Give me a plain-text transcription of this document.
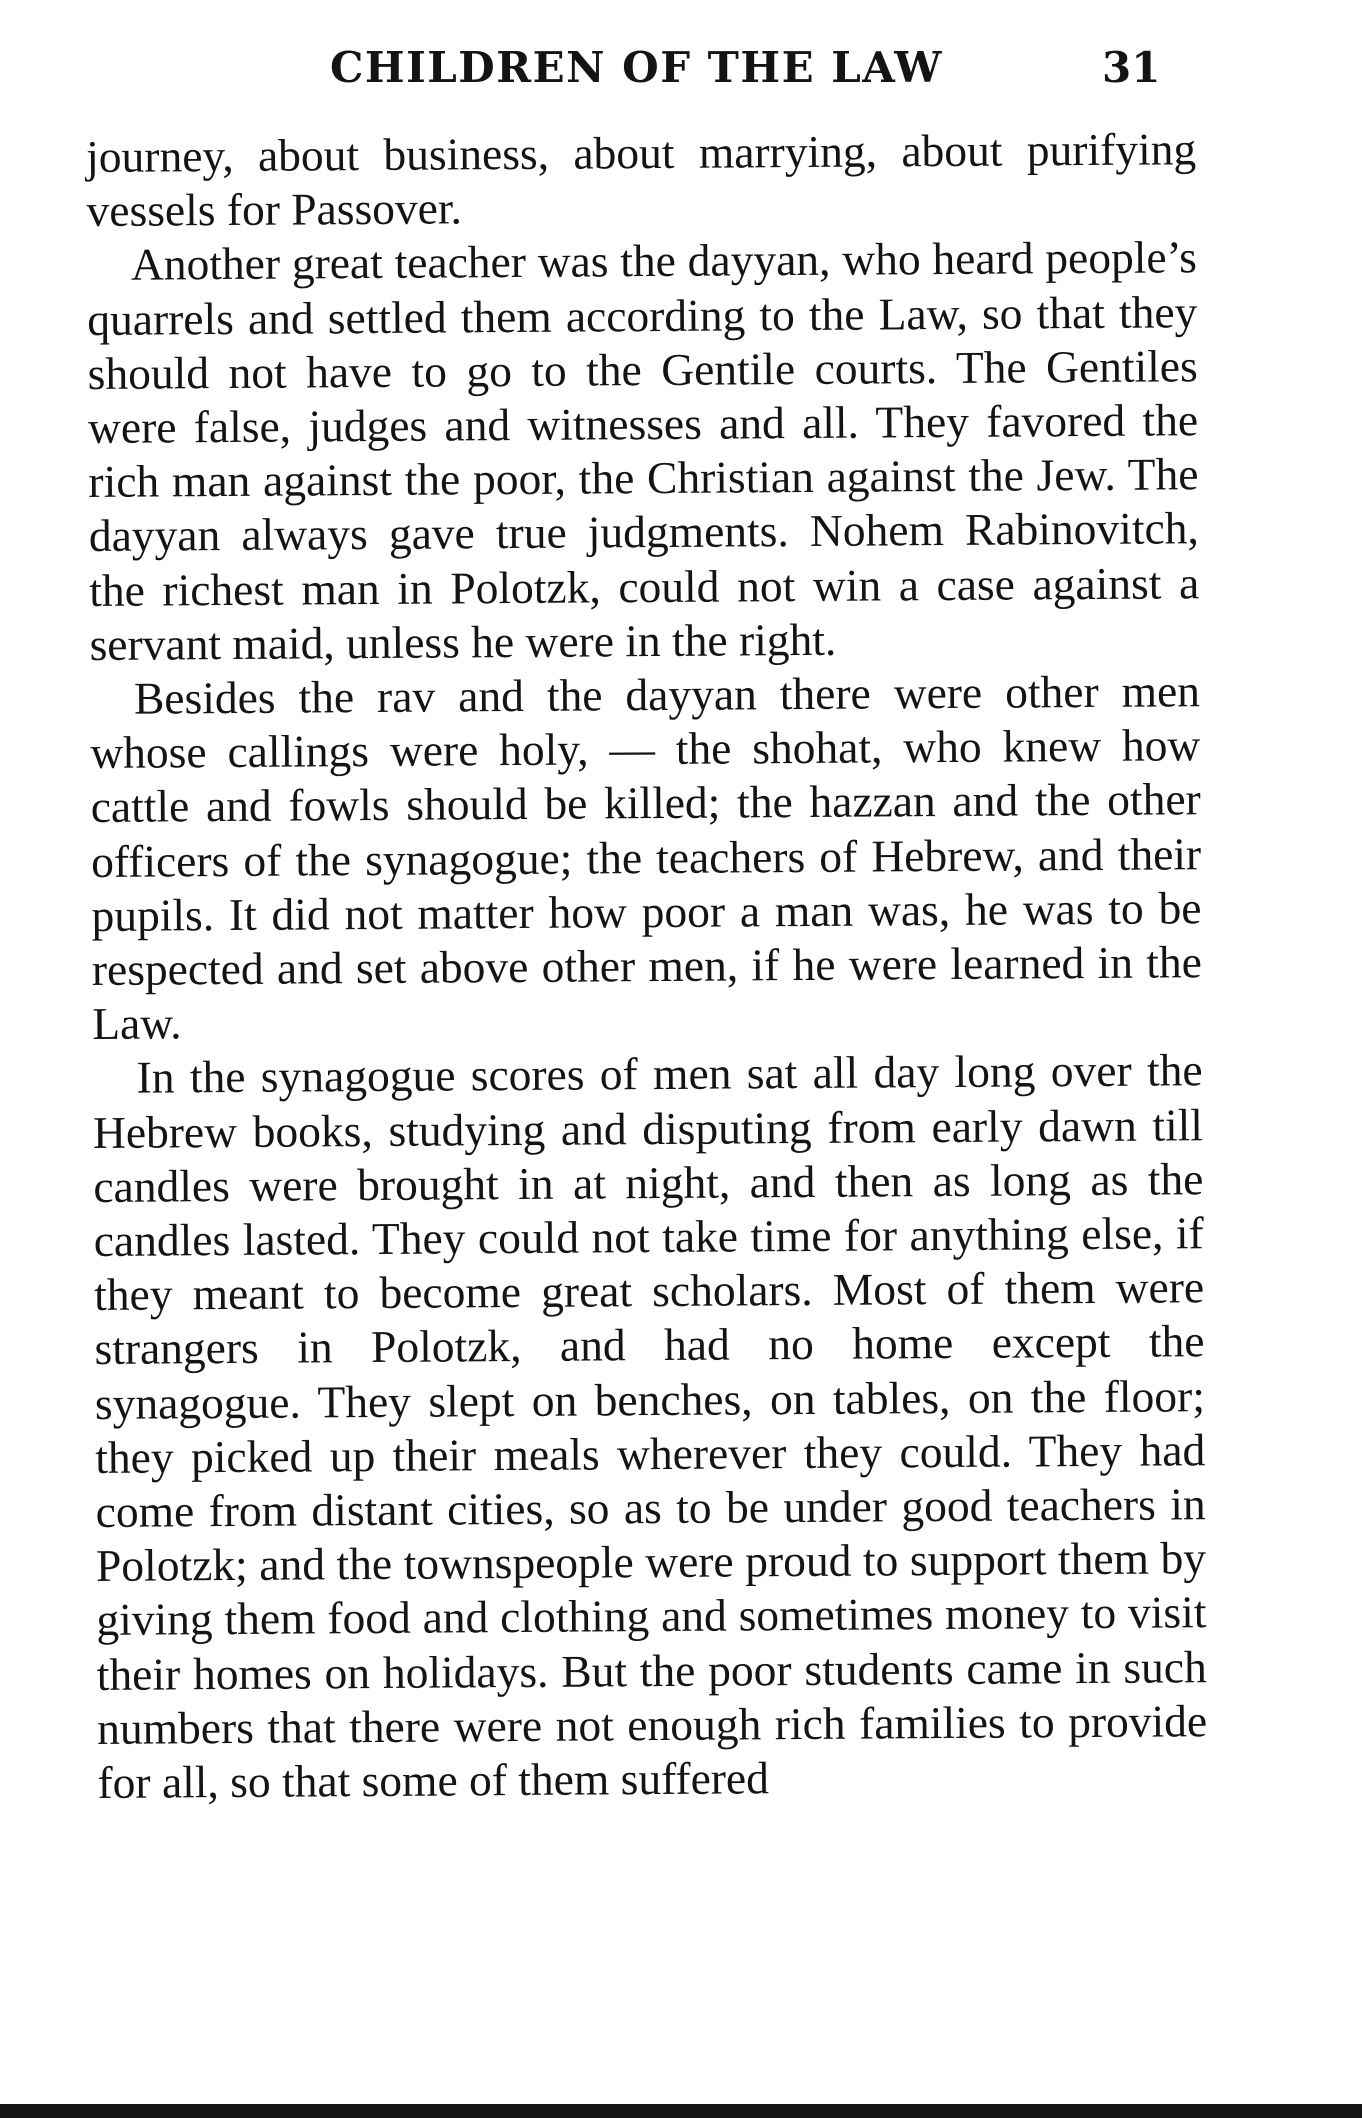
CHILDREN OF THE LAW	31

journey, about business, about marrying, about purifying vessels for Passover.

Another great teacher was the dayyan, who heard people’s quarrels and settled them according to the Law, so that they should not have to go to the Gentile courts. The Gentiles were false, judges and witnesses and all. They favored the rich man against the poor, the Christian against the Jew. The dayyan always gave true judgments. Nohem Rabinovitch, the richest man in Polotzk, could not win a case against a servant maid, unless he were in the right.

Besides the rav and the dayyan there were other men whose callings were holy, — the shohat, who knew how cattle and fowls should be killed; the hazzan and the other officers of the synagogue; the teachers of Hebrew, and their pupils. It did not matter how poor a man was, he was to be respected and set above other men, if he were learned in the Law.

In the synagogue scores of men sat all day long over the Hebrew books, studying and disputing from early dawn till candles were brought in at night, and then as long as the candles lasted. They could not take time for anything else, if they meant to become great scholars. Most of them were strangers in Polotzk, and had no home except the synagogue. They slept on benches, on tables, on the floor; they picked up their meals wherever they could. They had come from distant cities, so as to be under good teachers in Polotzk; and the townspeople were proud to support them by giving them food and clothing and sometimes money to visit their homes on holidays. But the poor students came in such numbers that there were not enough rich families to provide for all, so that some of them suffered
